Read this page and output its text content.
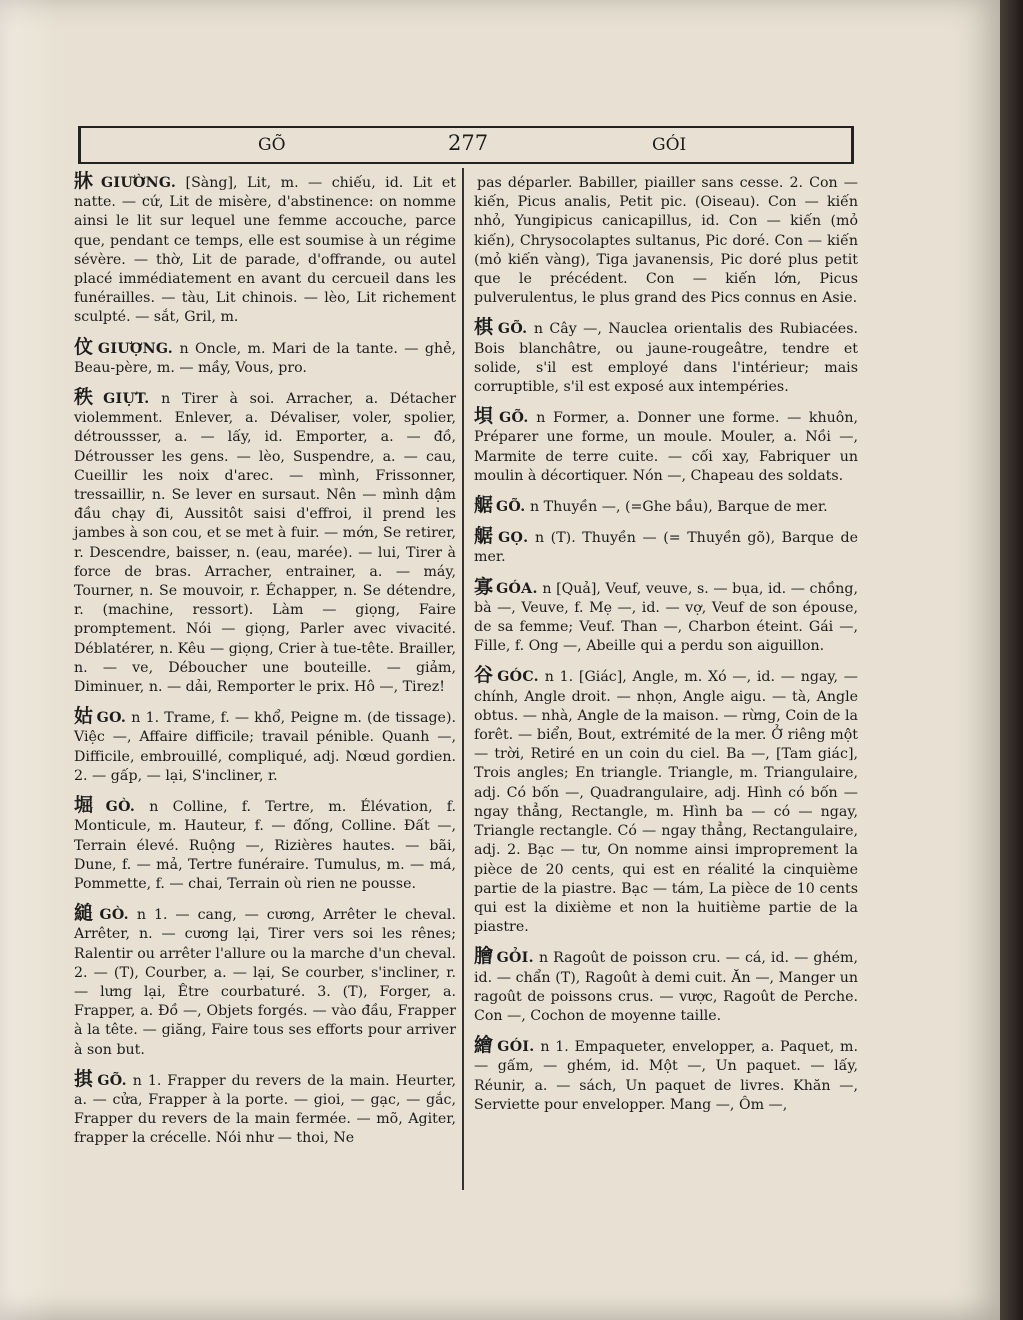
GÕ	277	GÓI

牀 GIƯỜNG. [Sàng], Lit, m. — chiếu, id. Lit et natte. — cứ, Lit de misère, d'abstinence: on nomme ainsi le lit sur lequel une femme accouche, parce que, pendant ce temps, elle est soumise à un régime sévère. — thờ, Lit de parade, d'offrande, ou autel placé immédiatement en avant du cercueil dans les funérailles. — tàu, Lit chinois. — lèo, Lit richement sculpté. — sắt, Gril, m.

伩 GIƯỢNG. n Oncle, m. Mari de la tante. — ghẻ, Beau-père, m. — mầy, Vous, pro.

秩 GIỰT. n Tirer à soi. Arracher, a. Détacher violemment. Enlever, a. Dévaliser, voler, spolier, détroussser, a. — lấy, id. Emporter, a. — đồ, Détrousser les gens. — lèo, Suspendre, a. — cau, Cueillir les noix d'arec. — mình, Frissonner, tressaillir, n. Se lever en sursaut. Nên — mình dậm đầu chạy đi, Aussitôt saisi d'effroi, il prend les jambes à son cou, et se met à fuir. — mớn, Se retirer, r. Descendre, baisser, n. (eau, marée). — lui, Tirer à force de bras. Arracher, entrainer, a. — máy, Tourner, n. Se mouvoir, r. Échapper, n. Se détendre, r. (machine, ressort). Làm — giọng, Faire promptement. Nói — giọng, Parler avec vivacité. Déblatérer, n. Kêu — giọng, Crier à tue-tête. Brailler, n. — ve, Déboucher une bouteille. — giảm, Diminuer, n. — dải, Remporter le prix. Hô —, Tirez!

姑 GO. n 1. Trame, f. — khổ, Peigne m. (de tissage). Việc —, Affaire difficile; travail pénible. Quanh —, Difficile, embrouillé, compliqué, adj. Nœud gordien. 2. — gấp, — lại, S'incliner, r.

堀 GÒ. n Colline, f. Tertre, m. Élévation, f. Monticule, m. Hauteur, f. — đống, Colline. Đất —, Terrain élevé. Ruộng —, Rizières hautes. — bãi, Dune, f. — mả, Tertre funéraire. Tumulus, m. — má, Pommette, f. — chai, Terrain où rien ne pousse.

縋 GÒ. n 1. — cang, — cương, Arrêter le cheval. Arrêter, n. — cương lại, Tirer vers soi les rênes; Ralentir ou arrêter l'allure ou la marche d'un cheval. 2. — (T), Courber, a. — lại, Se courber, s'incliner, r. — lưng lại, Être courbaturé. 3. (T), Forger, a. Frapper, a. Đồ —, Objets forgés. — vào đầu, Frapper à la tête. — giăng, Faire tous ses efforts pour arriver à son but.

掑 GÕ. n 1. Frapper du revers de la main. Heurter, a. — cửa, Frapper à la porte. — gioi, — gạc, — gắc, Frapper du revers de la main fermée. — mõ, Agiter, frapper la crécelle. Nói như — thoi, Ne

pas déparler. Babiller, piailler sans cesse. 2. Con — kiến, Picus analis, Petit pic. (Oiseau). Con — kiến nhỏ, Yungipicus canicapillus, id. Con — kiến (mỏ kiến), Chrysocolaptes sultanus, Pic doré. Con — kiến (mỏ kiến vàng), Tiga javanensis, Pic doré plus petit que le précédent. Con — kiến lớn, Picus pulverulentus, le plus grand des Pics connus en Asie.

棋 GÕ. n Cây —, Nauclea orientalis des Rubiacées. Bois blanchâtre, ou jaune-rougeâtre, tendre et solide, s'il est employé dans l'intérieur; mais corruptible, s'il est exposé aux intempéries.

垻 GÕ. n Former, a. Donner une forme. — khuôn, Préparer une forme, un moule. Mouler, a. Nồi —, Marmite de terre cuite. — cối xay, Fabriquer un moulin à décortiquer. Nón —, Chapeau des soldats.

艍 GÕ. n Thuyền —, (=Ghe bầu), Barque de mer.

艍 GỌ. n (T). Thuyền — (= Thuyền gõ), Barque de mer.

寡 GÓA. n [Quả], Veuf, veuve, s. — bụa, id. — chồng, bà —, Veuve, f. Mẹ —, id. — vợ, Veuf de son épouse, de sa femme; Veuf. Than —, Charbon éteint. Gái —, Fille, f. Ong —, Abeille qui a perdu son aiguillon.

谷 GÓC. n 1. [Giác], Angle, m. Xó —, id. — ngay, — chính, Angle droit. — nhọn, Angle aigu. — tà, Angle obtus. — nhà, Angle de la maison. — rừng, Coin de la forêt. — biển, Bout, extrémité de la mer. Ở riêng một — trời, Retiré en un coin du ciel. Ba —, [Tam giác], Trois angles; En triangle. Triangle, m. Triangulaire, adj. Có bốn —, Quadrangulaire, adj. Hình có bốn — ngay thẳng, Rectangle, m. Hình ba — có — ngay, Triangle rectangle. Có — ngay thẳng, Rectangulaire, adj. 2. Bạc — tư, On nomme ainsi improprement la pièce de 20 cents, qui est en réalité la cinquième partie de la piastre. Bạc — tám, La pièce de 10 cents qui est la dixième et non la huitième partie de la piastre.

膾 GỎI. n Ragoût de poisson cru. — cá, id. — ghém, id. — chẩn (T), Ragoût à demi cuit. Ăn —, Manger un ragoût de poissons crus. — vược, Ragoût de Perche. Con —, Cochon de moyenne taille.

繪 GÓI. n 1. Empaqueter, envelopper, a. Paquet, m. — gấm, — ghém, id. Một —, Un paquet. — lấy, Réunir, a. — sách, Un paquet de livres. Khăn —, Serviette pour envelopper. Mang —, Ôm —,
